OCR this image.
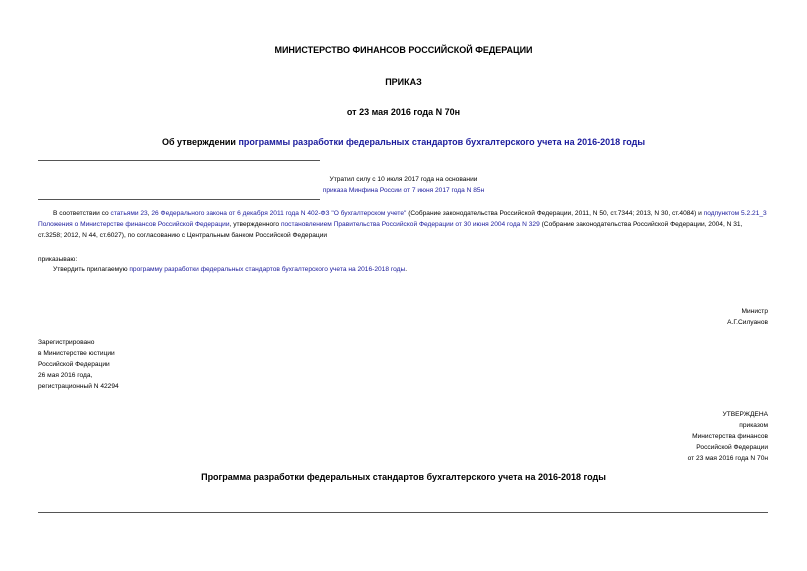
МИНИСТЕРСТВО ФИНАНСОВ РОССИЙСКОЙ ФЕДЕРАЦИИ
ПРИКАЗ
от 23 мая 2016 года N 70н
Об утверждении программы разработки федеральных стандартов бухгалтерского учета на 2016-2018 годы
Утратил силу с 10 июля 2017 года на основании
приказа Минфина России от 7 июня 2017 года N 85н
В соответствии со статьями 23, 26 Федерального закона от 6 декабря 2011 года N 402-ФЗ "О бухгалтерском учете" (Собрание законодательства Российской Федерации, 2011, N 50, ст.7344; 2013, N 30, ст.4084) и подпунктом 5.2.21_3 Положения о Министерстве финансов Российской Федерации, утвержденного постановлением Правительства Российской Федерации от 30 июня 2004 года N 329 (Собрание законодательства Российской Федерации, 2004, N 31, ст.3258; 2012, N 44, ст.6027), по согласованию с Центральным банком Российской Федерации
приказываю:
Утвердить прилагаемую программу разработки федеральных стандартов бухгалтерского учета на 2016-2018 годы.
Министр
А.Г.Силуанов
Зарегистрировано
в Министерстве юстиции
Российской Федерации
26 мая 2016 года,
регистрационный N 42294
УТВЕРЖДЕНА
приказом
Министерства финансов
Российской Федерации
от 23 мая 2016 года N 70н
Программа разработки федеральных стандартов бухгалтерского учета на 2016-2018 годы
